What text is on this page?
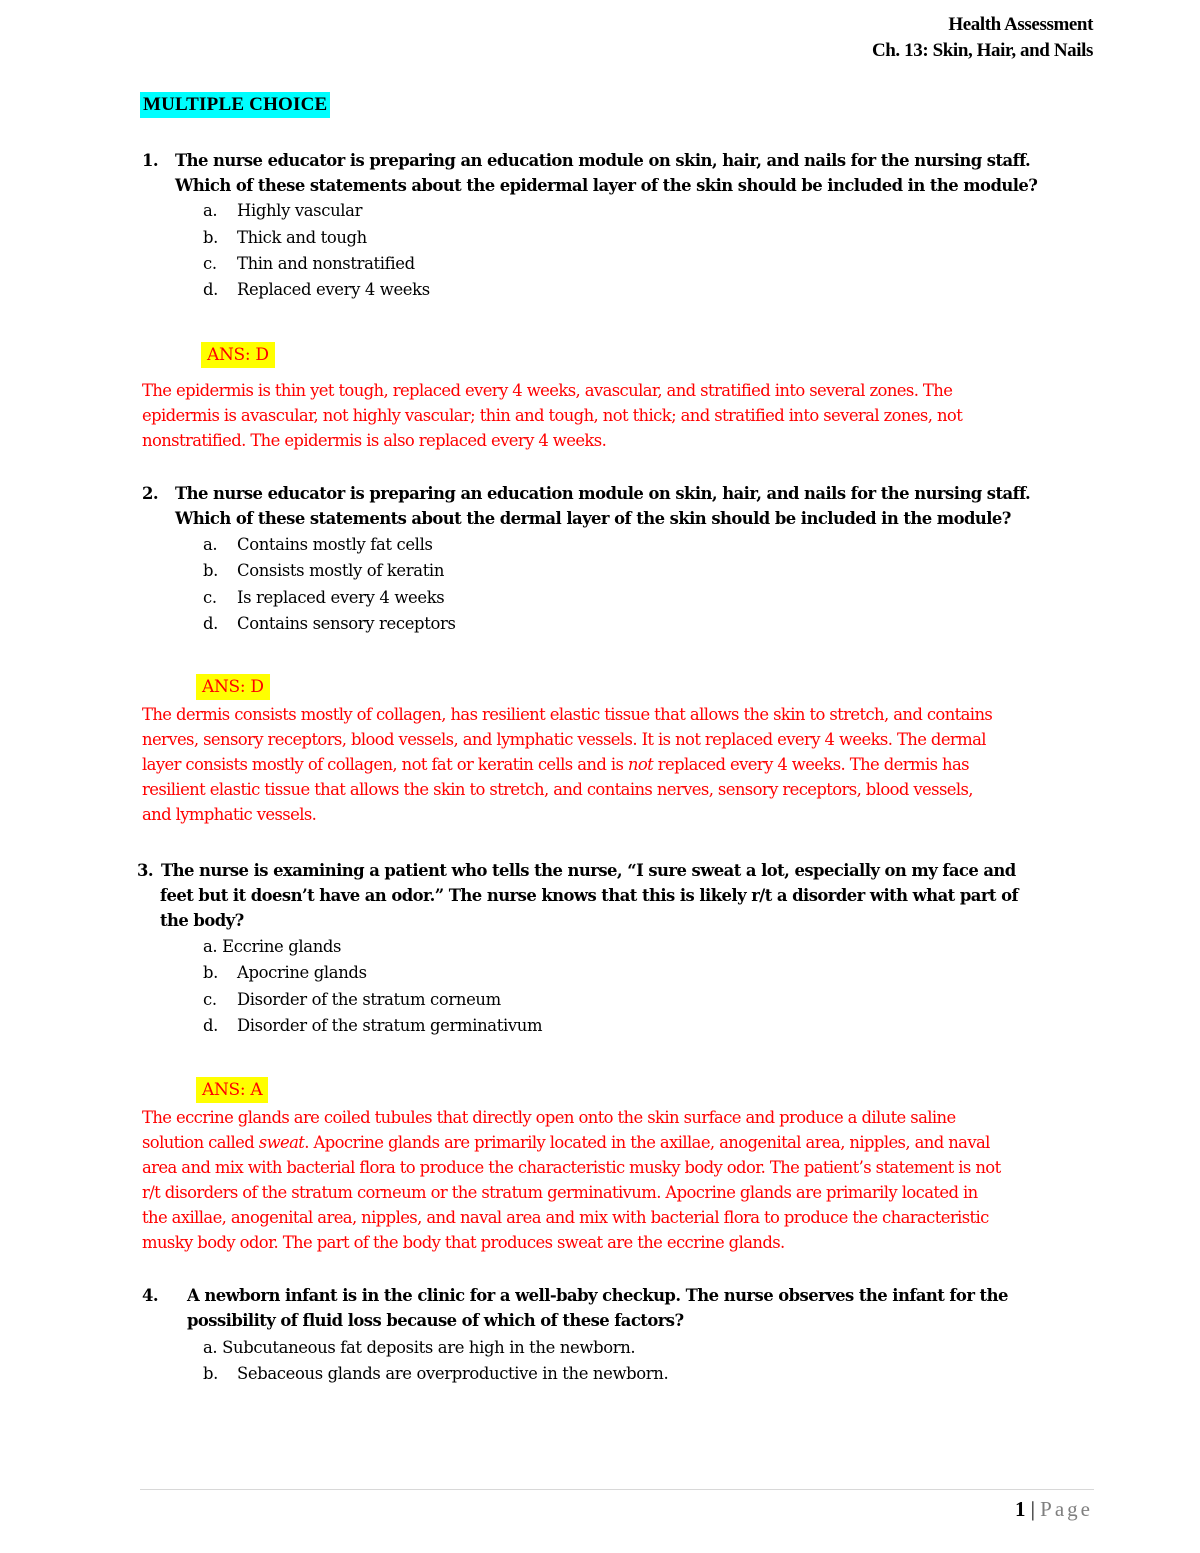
Health Assessment
Ch. 13: Skin, Hair, and Nails
MULTIPLE CHOICE
1. The nurse educator is preparing an education module on skin, hair, and nails for the nursing staff.
Which of these statements about the epidermal layer of the skin should be included in the module?
a. Highly vascular
b. Thick and tough
c. Thin and nonstratified
d. Replaced every 4 weeks
ANS: D
The epidermis is thin yet tough, replaced every 4 weeks, avascular, and stratified into several zones. The
epidermis is avascular, not highly vascular; thin and tough, not thick; and stratified into several zones, not
nonstratified. The epidermis is also replaced every 4 weeks.
2. The nurse educator is preparing an education module on skin, hair, and nails for the nursing staff.
Which of these statements about the dermal layer of the skin should be included in the module?
a. Contains mostly fat cells
b. Consists mostly of keratin
c. Is replaced every 4 weeks
d. Contains sensory receptors
ANS: D
The dermis consists mostly of collagen, has resilient elastic tissue that allows the skin to stretch, and contains
nerves, sensory receptors, blood vessels, and lymphatic vessels. It is not replaced every 4 weeks. The dermal
layer consists mostly of collagen, not fat or keratin cells and is not replaced every 4 weeks. The dermis has
resilient elastic tissue that allows the skin to stretch, and contains nerves, sensory receptors, blood vessels,
and lymphatic vessels.
3. The nurse is examining a patient who tells the nurse, “I sure sweat a lot, especially on my face and
feet but it doesn’t have an odor.” The nurse knows that this is likely r/t a disorder with what part of
the body?
a. Eccrine glands
b. Apocrine glands
c. Disorder of the stratum corneum
d. Disorder of the stratum germinativum
ANS: A
The eccrine glands are coiled tubules that directly open onto the skin surface and produce a dilute saline
solution called sweat. Apocrine glands are primarily located in the axillae, anogenital area, nipples, and naval
area and mix with bacterial flora to produce the characteristic musky body odor. The patient’s statement is not
r/t disorders of the stratum corneum or the stratum germinativum. Apocrine glands are primarily located in
the axillae, anogenital area, nipples, and naval area and mix with bacterial flora to produce the characteristic
musky body odor. The part of the body that produces sweat are the eccrine glands.
4. A newborn infant is in the clinic for a well-baby checkup. The nurse observes the infant for the
possibility of fluid loss because of which of these factors?
a. Subcutaneous fat deposits are high in the newborn.
b. Sebaceous glands are overproductive in the newborn.
1 | Page
